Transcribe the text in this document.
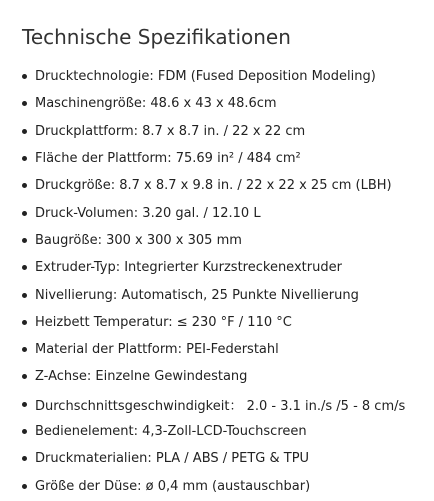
Technische Spezifikationen
Drucktechnologie: FDM (Fused Deposition Modeling)
Maschinengröße: 48.6 x 43 x 48.6cm
Druckplattform: 8.7 x 8.7 in. / 22 x 22 cm
Fläche der Plattform: 75.69 in² / 484 cm²
Druckgröße: 8.7 x 8.7 x 9.8 in. / 22 x 22 x 25 cm (LBH)
Druck-Volumen: 3.20 gal. / 12.10 L
Baugröße: 300 x 300 x 305 mm
Extruder-Typ: Integrierter Kurzstreckenextruder
Nivellierung: Automatisch, 25 Punkte Nivellierung
Heizbett Temperatur: ≤ 230 °F / 110 °C
Material der Plattform: PEI-Federstahl
Z-Achse: Einzelne Gewindestang
Durchschnittsgeschwindigkeit： 2.0 - 3.1 in./s /5 - 8 cm/s
Bedienelement: 4,3-Zoll-LCD-Touchscreen
Druckmaterialien: PLA / ABS / PETG & TPU
Größe der Düse: ø 0,4 mm (austauschbar)
